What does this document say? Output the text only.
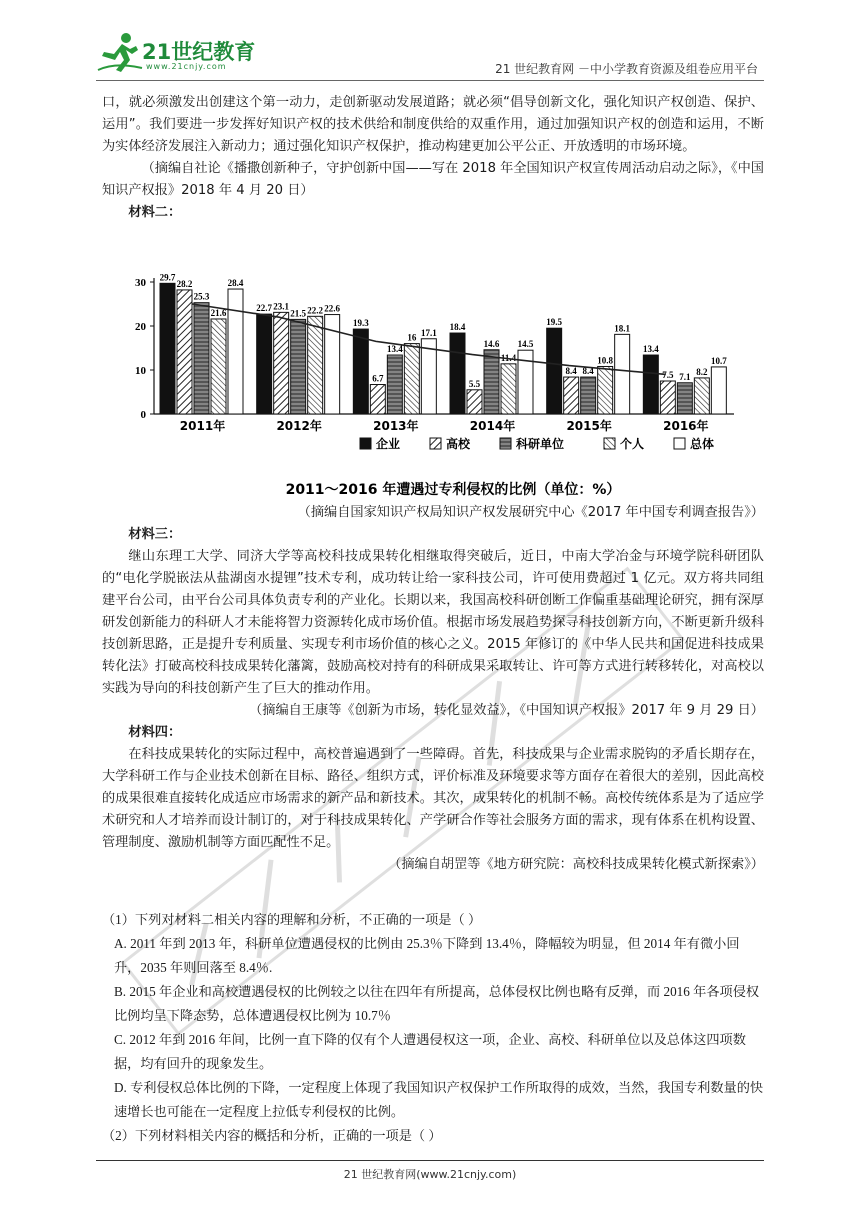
21世纪教育
www.21cnjy.com	21 世纪教育网 －中小学教育资源及组卷应用平台

口，就必须激发出创建这个第一动力，走创新驱动发展道路；就必须“倡导创新文化，强化知识产权创造、保护、运用”。我们要进一步发挥好知识产权的技术供给和制度供给的双重作用，通过加强知识产权的创造和运用，不断为实体经济发展注入新动力；通过强化知识产权保护，推动构建更加公平公正、开放透明的市场环境。

（摘编自社论《播撒创新种子，守护创新中国——写在 2018 年全国知识产权宣传周活动启动之际》，《中国知识产权报》2018 年 4 月 20 日）

材料二：

0
10
20
30 29.7
28.2
25.3
21.6
28.4
22.7 23.1
21.5 22.2 22.6
19.3
6.7
13.4
16 17.1
18.4
5.5
14.6
11.4
14.5
19.5
8.4 8.4
10.8
18.1
13.4
7.5 7.1 8.2
10.7
2011年	2012年	2013年	2014年	2015年	2016年
企业	高校	科研单位	个人	总体
2011～2016 年遭遇过专利侵权的比例（单位：%）

（摘编自国家知识产权局知识产权发展研究中心《2017 年中国专利调查报告》）

材料三：

继山东理工大学、同济大学等高校科技成果转化相继取得突破后，近日，中南大学冶金与环境学院科研团队的“电化学脱嵌法从盐湖卤水提锂”技术专利，成功转让给一家科技公司，许可使用费超过 1 亿元。双方将共同组建平台公司，由平台公司具体负责专利的产业化。长期以来，我国高校科研创断工作偏重基础理论研究，拥有深厚研发创新能力的科研人才未能将智力资源转化成市场价值。根据市场发展趋势探寻科技创新方向，不断更新升级科技创新思路，正是提升专利质量、实现专利市场价值的核心之义。2015 年修订的《中华人民共和国促进科技成果转化法》打破高校科技成果转化藩篱，鼓励高校对持有的科研成果采取转让、许可等方式进行转移转化，对高校以实践为导向的科技创新产生了巨大的推动作用。

（摘编自王康等《创新为市场，转化显效益》，《中国知识产权报》2017 年 9 月 29 日）

材料四：

在科技成果转化的实际过程中，高校普遍遇到了一些障碍。首先，科技成果与企业需求脱钩的矛盾长期存在，大学科研工作与企业技术创新在目标、路径、组织方式，评价标准及环境要求等方面存在着很大的差别，因此高校的成果很难直接转化成适应市场需求的新产品和新技术。其次，成果转化的机制不畅。高校传统体系是为了适应学术研究和人才培养而设计制订的，对于科技成果转化、产学研合作等社会服务方面的需求，现有体系在机构设置、管理制度、激励机制等方面匹配性不足。

（摘编自胡罡等《地方研究院：高校科技成果转化模式新探索》）

（1）下列对材料二相关内容的理解和分析，不正确的一项是（ ）
A. 2011 年到 2013 年，科研单位遭遇侵权的比例由 25.3％下降到 13.4％，降幅较为明显，但 2014 年有微小回升，2035 年则回落至 8.4％.
B. 2015 年企业和高校遭遇侵权的比例较之以往在四年有所提高，总体侵权比例也略有反弹，而 2016 年各项侵权比例均呈下降态势，总体遭遇侵权比例为 10.7％
C. 2012 年到 2016 年间，比例一直下降的仅有个人遭遇侵权这一项，企业、高校、科研单位以及总体这四项数据，均有回升的现象发生。
D. 专利侵权总体比例的下降，一定程度上体现了我国知识产权保护工作所取得的成效，当然，我国专利数量的快速增长也可能在一定程度上拉低专利侵权的比例。
（2）下列材料相关内容的概括和分析，正确的一项是（ ）
21 世纪教育网(www.21cnjy.com)
